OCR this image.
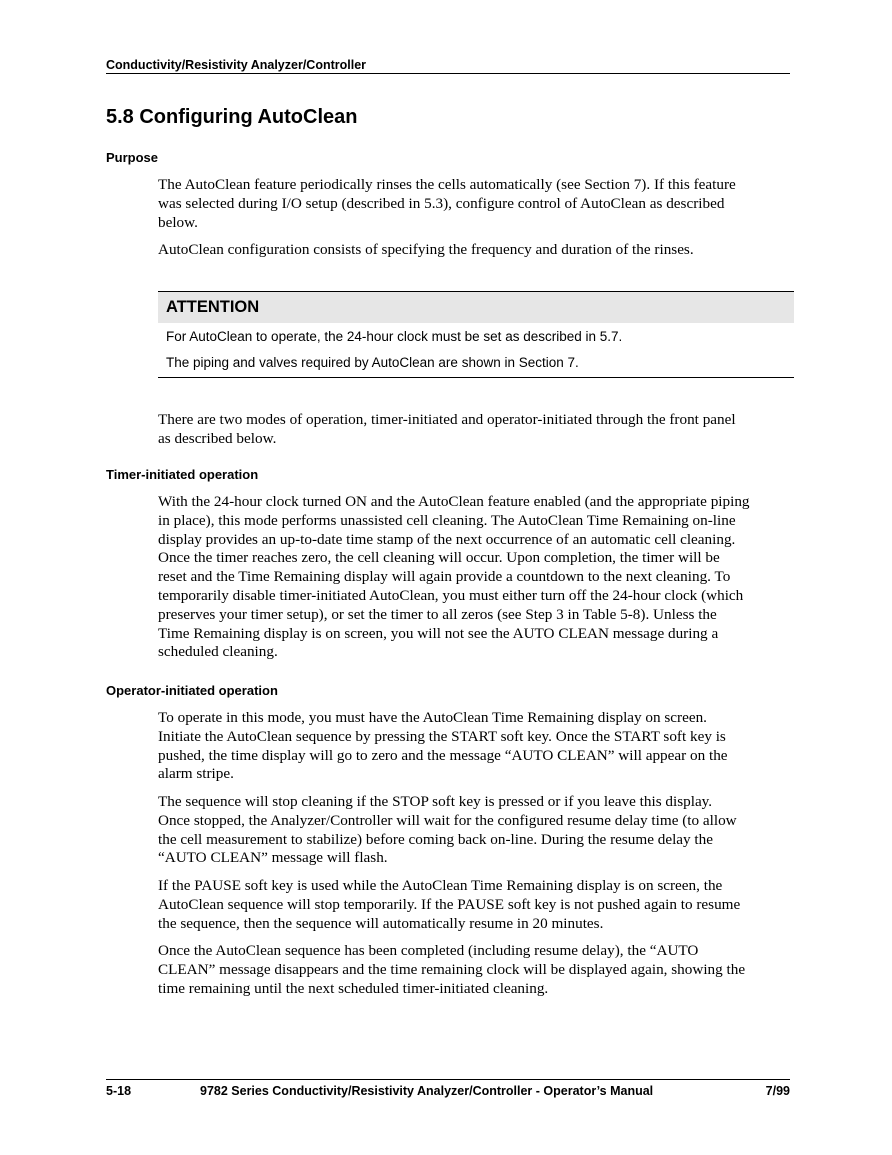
Conductivity/Resistivity Analyzer/Controller
5.8 Configuring AutoClean
Purpose

The AutoClean feature periodically rinses the cells automatically (see Section 7). If this feature
was selected during I/O setup (described in 5.3), configure control of AutoClean as described
below.

AutoClean configuration consists of specifying the frequency and duration of the rinses.

ATTENTION
For AutoClean to operate, the 24-hour clock must be set as described in 5.7.
The piping and valves required by AutoClean are shown in Section 7.

There are two modes of operation, timer-initiated and operator-initiated through the front panel
as described below.

Timer-initiated operation

With the 24-hour clock turned ON and the AutoClean feature enabled (and the appropriate piping
in place), this mode performs unassisted cell cleaning. The AutoClean Time Remaining on-line
display provides an up-to-date time stamp of the next occurrence of an automatic cell cleaning.
Once the timer reaches zero, the cell cleaning will occur. Upon completion, the timer will be
reset and the Time Remaining display will again provide a countdown to the next cleaning. To
temporarily disable timer-initiated AutoClean, you must either turn off the 24-hour clock (which
preserves your timer setup), or set the timer to all zeros (see Step 3 in Table 5-8). Unless the
Time Remaining display is on screen, you will not see the AUTO CLEAN message during a
scheduled cleaning.

Operator-initiated operation

To operate in this mode, you must have the AutoClean Time Remaining display on screen.
Initiate the AutoClean sequence by pressing the START soft key. Once the START soft key is
pushed, the time display will go to zero and the message “AUTO CLEAN” will appear on the
alarm stripe.

The sequence will stop cleaning if the STOP soft key is pressed or if you leave this display.
Once stopped, the Analyzer/Controller will wait for the configured resume delay time (to allow
the cell measurement to stabilize) before coming back on-line. During the resume delay the
“AUTO CLEAN” message will flash.

If the PAUSE soft key is used while the AutoClean Time Remaining display is on screen, the
AutoClean sequence will stop temporarily. If the PAUSE soft key is not pushed again to resume
the sequence, then the sequence will automatically resume in 20 minutes.

Once the AutoClean sequence has been completed (including resume delay), the “AUTO
CLEAN” message disappears and the time remaining clock will be displayed again, showing the
time remaining until the next scheduled timer-initiated cleaning.

5-18	9782 Series Conductivity/Resistivity Analyzer/Controller - Operator’s Manual	7/99
